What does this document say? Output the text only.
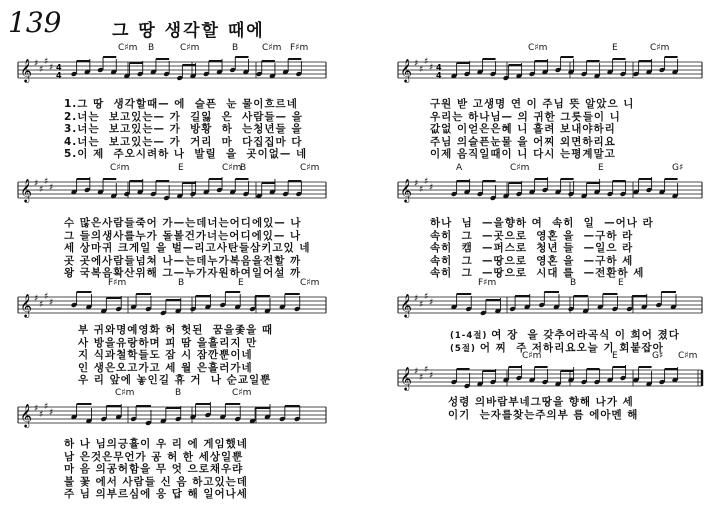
139	그 땅 생각할 때에
𝄞 ♯
♯
♯
♯ 4
4
C♯m B	C♯m	B	C♯m F♯m
1.그 땅  생각할때— 에  슬픈  눈 물이흐르네
2.너는  보고있는— 가  길잃  은  사람들— 을
3.너는  보고있는— 가  방황  하  는청년들 을
4.너는  보고있는— 가  거리  마  다집집마 다
5.이 제  주오시려하 나  발릴  을  곳이없— 네
𝄞 ♯
♯
♯
♯
C♯m	E	C♯m
B	C♯m
수 많은사람들죽어 가—는데너는어디에있— 나
그 들의생사를누가 돌볼건가너는어디에있— 나
세 상마귀 크게일 을 벌—리고사탄들삼키고있 네
곳 곳에사람들넘쳐 나—는데누가복음을전할 까
왕 국복음확산위해 그—누가자원하여일어설 까
𝄞 ♯
♯
♯
♯
F♯m	B	E	C♯m
부 귀와명예영화 허 헛된  꿈을좇을 때
사 방을유랑하며 피 땀 을흘리지 만
지 식과철학들도 잠 시 잠깐뿐이네
인 생은오고가고 세 월 은흘러가네
우 리 앞에 놓인길 휴 거  나 순교일뿐
𝄞 ♯
♯
♯
♯
C♯m	B	C♯m
하 나 님의긍휼이 우 리 에 게임했네
남 은것은무언가 공 허 한 세상일뿐
마 음 의공허함을 무 엇 으로채우랴
불 꽃 에서 사람들 신 음 하고있는데
주 님 의부르심에 응 답 해 일어나세
𝄞 ♯
♯
♯
♯ 4
4
C♯m	E	C♯m
구원 받 고생명 연 이 주님 뜻 알았으 니
우리는 하나님— 의 귀한 그릇들이 니
값없 이얻은은혜 니 흘려 보내야하리
주님 의슬픈눈물 을 어찌 외면하리요
이제 음직일때이 니 다시 는평계말고
𝄞 ♯
♯
♯
♯
A	C♯m	E	G♯
하나  님  —을향하 여  속히  일  —어나 라
속히  그  —곳으로  영혼 을  —구하 라
속히  캠  —퍼스로  청년 들  —일으 라
속히  그  —땅으로  영혼 을  —구하 세
속히  그  —땅으로  시대 를  —전환하 세
𝄞 ♯
♯
♯
♯
F♯m	B	E
(1-4절) 여 장  을 갖추어라곡식 이 희어 졌다
(5절) 어 찌  주 저하리요오늘 기 회붙잡아
𝄞 ♯
♯
♯
♯
C♯m	E	G♯ C♯m
성령 의바람부네그땅을 향해 나가 세
이기  는자를찾는주의부 름 에아멘 해
